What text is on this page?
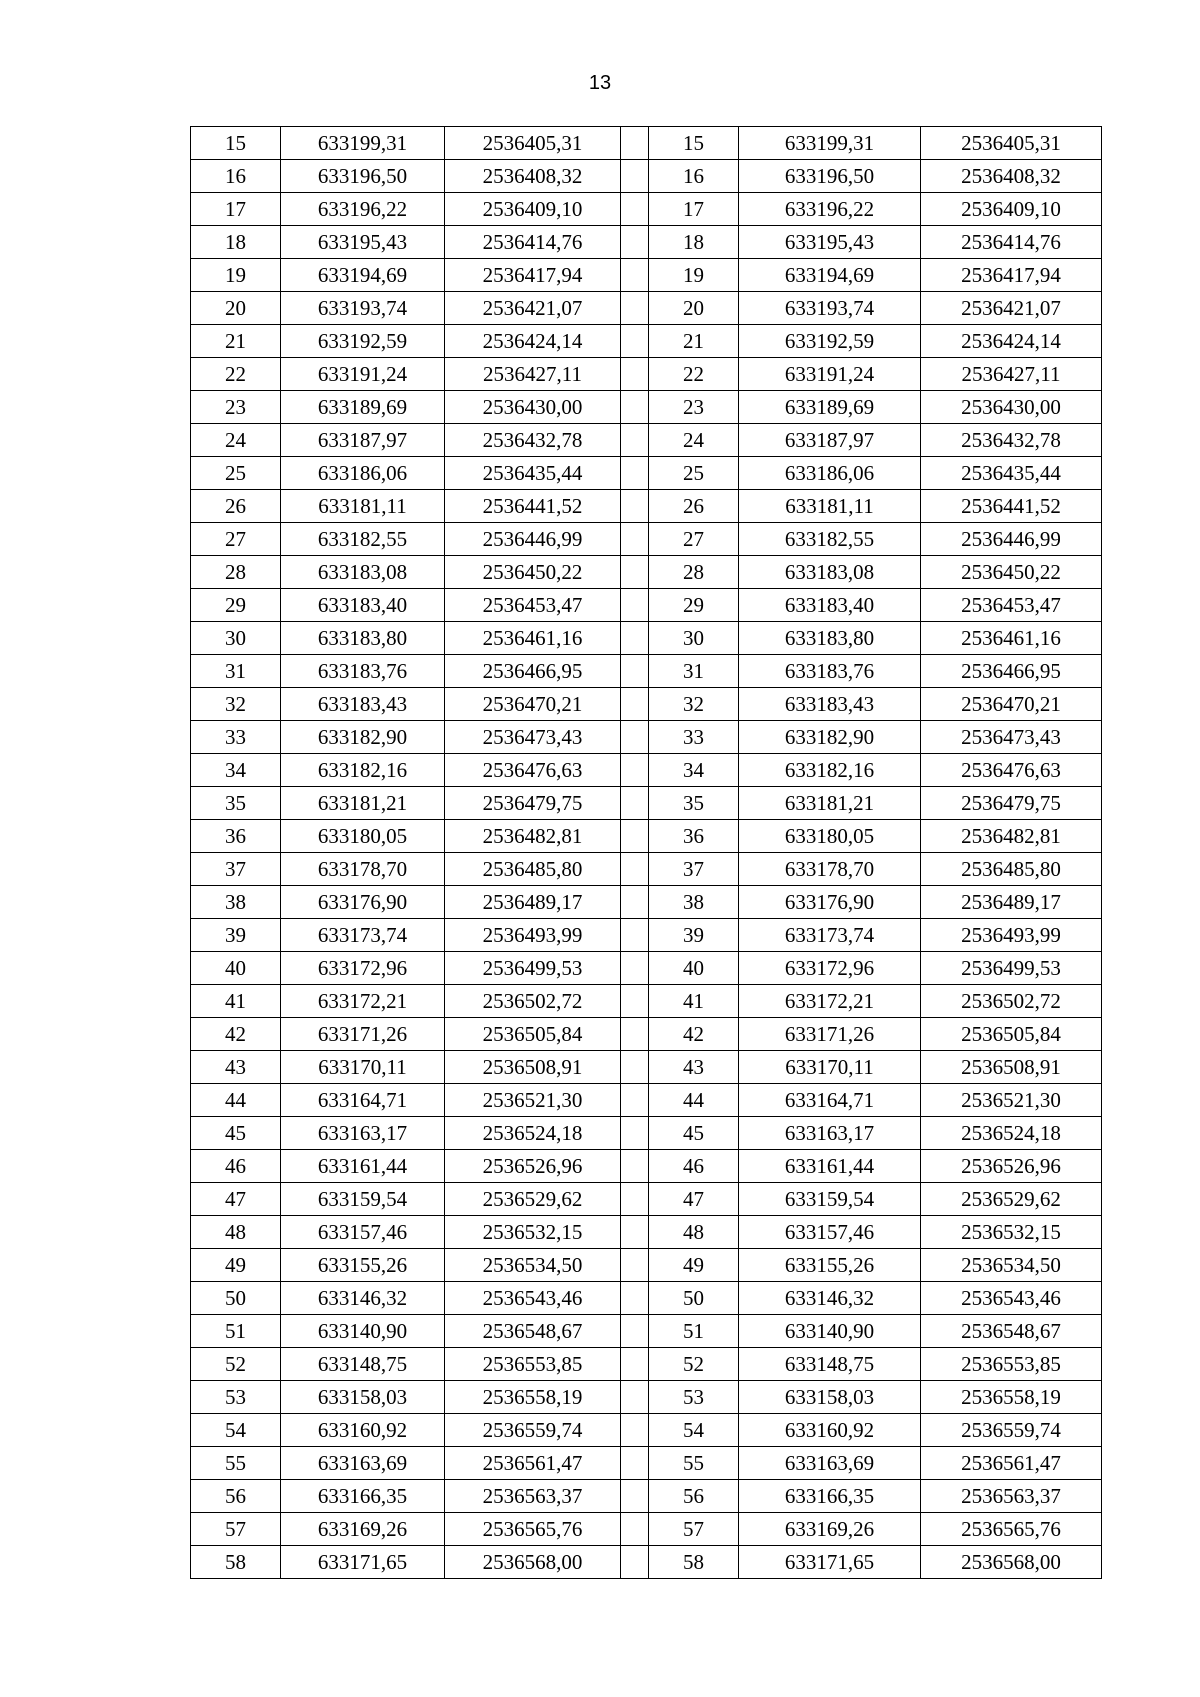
13
15	633199,31	2536405,31		15	633199,31	2536405,31
16	633196,50	2536408,32		16	633196,50	2536408,32
17	633196,22	2536409,10		17	633196,22	2536409,10
18	633195,43	2536414,76		18	633195,43	2536414,76
19	633194,69	2536417,94		19	633194,69	2536417,94
20	633193,74	2536421,07		20	633193,74	2536421,07
21	633192,59	2536424,14		21	633192,59	2536424,14
22	633191,24	2536427,11		22	633191,24	2536427,11
23	633189,69	2536430,00		23	633189,69	2536430,00
24	633187,97	2536432,78		24	633187,97	2536432,78
25	633186,06	2536435,44		25	633186,06	2536435,44
26	633181,11	2536441,52		26	633181,11	2536441,52
27	633182,55	2536446,99		27	633182,55	2536446,99
28	633183,08	2536450,22		28	633183,08	2536450,22
29	633183,40	2536453,47		29	633183,40	2536453,47
30	633183,80	2536461,16		30	633183,80	2536461,16
31	633183,76	2536466,95		31	633183,76	2536466,95
32	633183,43	2536470,21		32	633183,43	2536470,21
33	633182,90	2536473,43		33	633182,90	2536473,43
34	633182,16	2536476,63		34	633182,16	2536476,63
35	633181,21	2536479,75		35	633181,21	2536479,75
36	633180,05	2536482,81		36	633180,05	2536482,81
37	633178,70	2536485,80		37	633178,70	2536485,80
38	633176,90	2536489,17		38	633176,90	2536489,17
39	633173,74	2536493,99		39	633173,74	2536493,99
40	633172,96	2536499,53		40	633172,96	2536499,53
41	633172,21	2536502,72		41	633172,21	2536502,72
42	633171,26	2536505,84		42	633171,26	2536505,84
43	633170,11	2536508,91		43	633170,11	2536508,91
44	633164,71	2536521,30		44	633164,71	2536521,30
45	633163,17	2536524,18		45	633163,17	2536524,18
46	633161,44	2536526,96		46	633161,44	2536526,96
47	633159,54	2536529,62		47	633159,54	2536529,62
48	633157,46	2536532,15		48	633157,46	2536532,15
49	633155,26	2536534,50		49	633155,26	2536534,50
50	633146,32	2536543,46		50	633146,32	2536543,46
51	633140,90	2536548,67		51	633140,90	2536548,67
52	633148,75	2536553,85		52	633148,75	2536553,85
53	633158,03	2536558,19		53	633158,03	2536558,19
54	633160,92	2536559,74		54	633160,92	2536559,74
55	633163,69	2536561,47		55	633163,69	2536561,47
56	633166,35	2536563,37		56	633166,35	2536563,37
57	633169,26	2536565,76		57	633169,26	2536565,76
58	633171,65	2536568,00		58	633171,65	2536568,00
